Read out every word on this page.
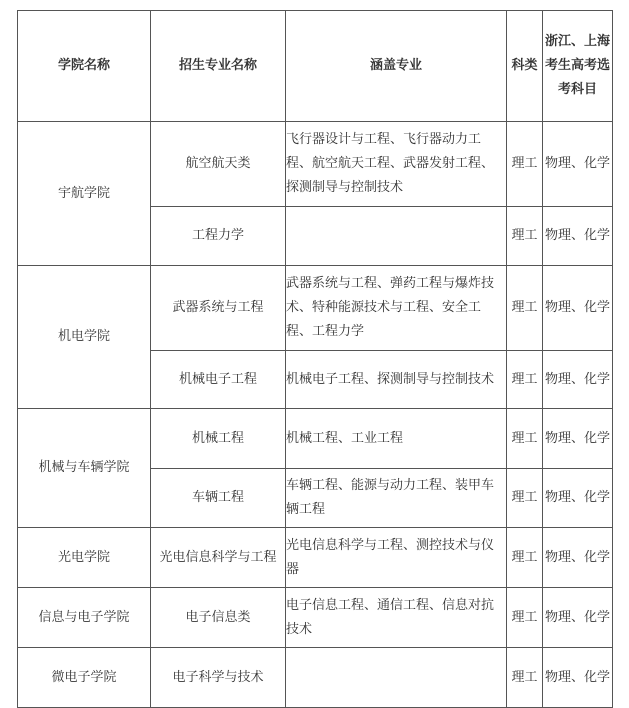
学院名称	招生专业名称	涵盖专业	科类	浙江、上海考生高考选考科目
宇航学院	航空航天类	飞行器设计与工程、飞行器动力工程、航空航天工程、武器发射工程、探测制导与控制技术	理工	物理、化学
	工程力学		理工	物理、化学
机电学院	武器系统与工程	武器系统与工程、弹药工程与爆炸技术、特种能源技术与工程、安全工程、工程力学	理工	物理、化学
	机械电子工程	机械电子工程、探测制导与控制技术	理工	物理、化学
机械与车辆学院	机械工程	机械工程、工业工程	理工	物理、化学
	车辆工程	车辆工程、能源与动力工程、装甲车辆工程	理工	物理、化学
光电学院	光电信息科学与工程	光电信息科学与工程、测控技术与仪器	理工	物理、化学
信息与电子学院	电子信息类	电子信息工程、通信工程、信息对抗技术	理工	物理、化学
微电子学院	电子科学与技术		理工	物理、化学
